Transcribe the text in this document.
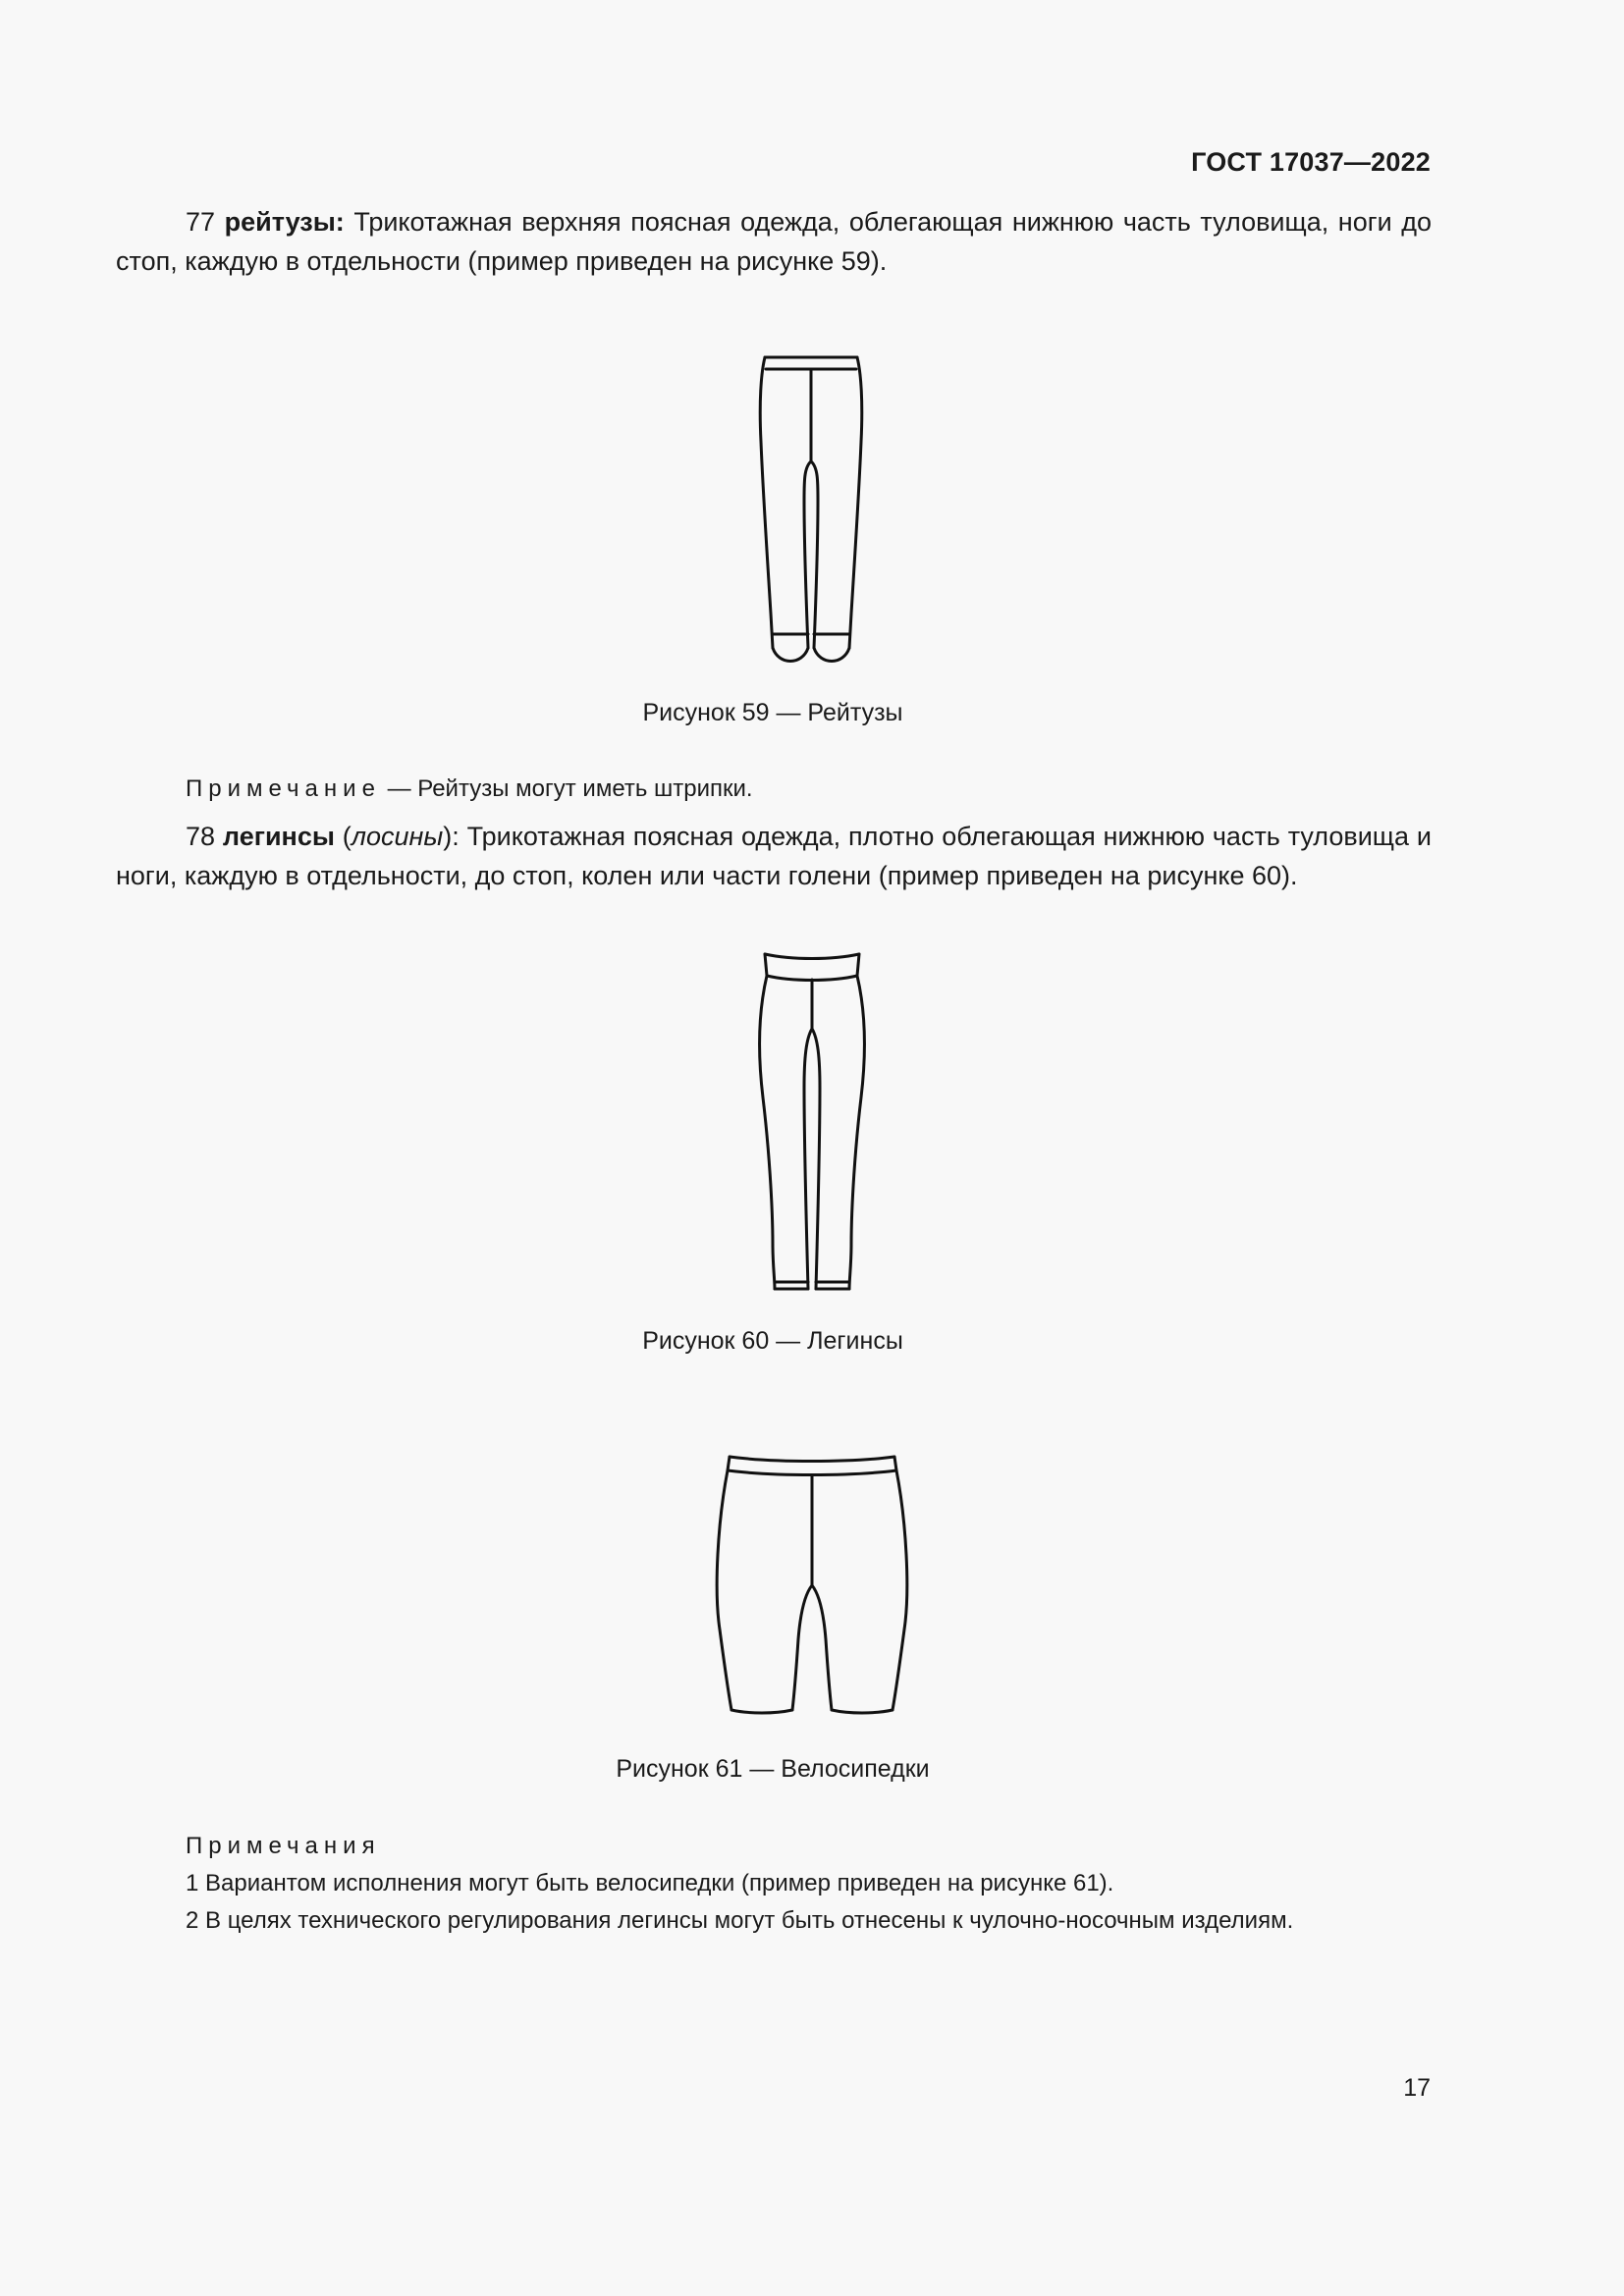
ГОСТ 17037—2022

77 рейтузы: Трикотажная верхняя поясная одежда, облегающая нижнюю часть туловища, ноги до стоп, каждую в отдельности (пример приведен на рисунке 59).

Рисунок 59 — Рейтузы
Примечание — Рейтузы могут иметь штрипки.

78 легинсы (лосины): Трикотажная поясная одежда, плотно облегающая нижнюю часть туловища и ноги, каждую в отдельности, до стоп, колен или части голени (пример приведен на рисунке 60).

Рисунок 60 — Легинсы
Рисунок 61 — Велосипедки
Примечания
1 Вариантом исполнения могут быть велосипедки (пример приведен на рисунке 61).
2 В целях технического регулирования легинсы могут быть отнесены к чулочно-носочным изделиям.
17
